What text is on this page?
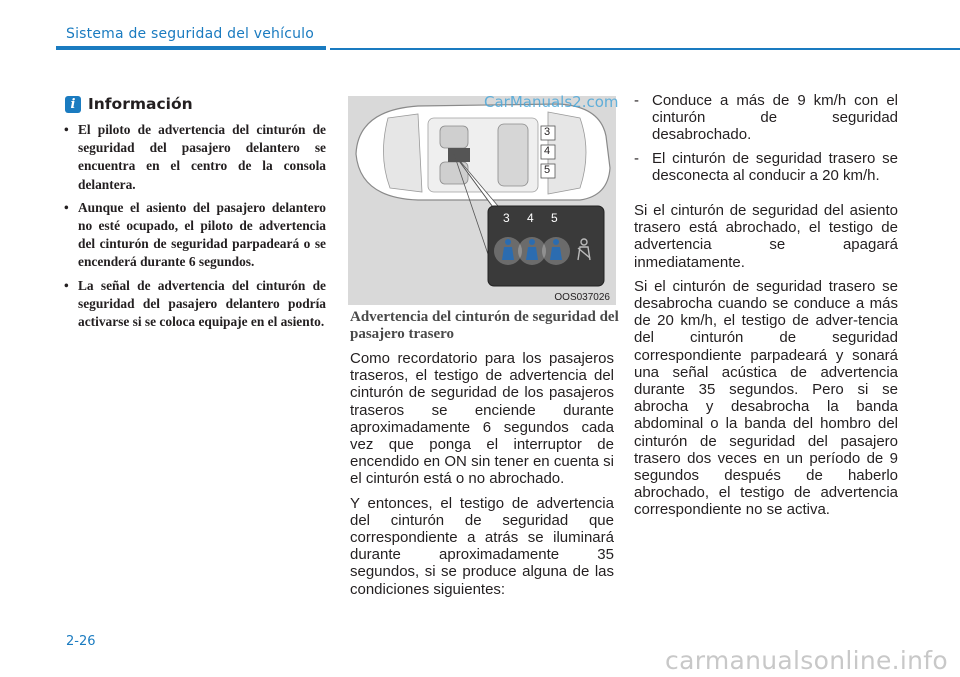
Sistema de seguridad del vehículo
i Información
• El piloto de advertencia del cinturón de seguridad del pasajero delantero se encuentra en el centro de la consola delantera.
• Aunque el asiento del pasajero delantero no esté ocupado, el piloto de advertencia del cinturón de seguridad parpadeará o se encenderá durante 6 segundos.
• La señal de advertencia del cinturón de seguridad del pasajero delantero podría activarse si se coloca equipaje en el asiento.
3
4
5
3 4 5
OOS037026
CarManuals2.com
Advertencia del cinturón de seguridad del pasajero trasero

Como recordatorio para los pasajeros traseros, el testigo de advertencia del cinturón de seguridad de los pasajeros traseros se enciende durante aproximadamente 6 segundos cada vez que ponga el interruptor de encendido en ON sin tener en cuenta si el cinturón está o no abrochado.

Y entonces, el testigo de advertencia del cinturón de seguridad que correspondiente a atrás se iluminará durante aproximadamente 35 segundos, si se produce alguna de las condiciones siguientes:

- Conduce a más de 9 km/h con el cinturón de seguridad desabrochado.
- El cinturón de seguridad trasero se desconecta al conducir a 20 km/h.

Si el cinturón de seguridad del asiento trasero está abrochado, el testigo de advertencia se apagará inmediatamente.

Si el cinturón de seguridad trasero se desabrocha cuando se conduce a más de 20 km/h, el testigo de adver-tencia del cinturón de seguridad correspondiente parpadeará y sonará una señal acústica de advertencia durante 35 segundos. Pero si se abrocha y desabrocha la banda abdominal o la banda del hombro del cinturón de seguridad del pasajero trasero dos veces en un período de 9 segundos después de haberlo abrochado, el testigo de advertencia correspondiente no se activa.

2-26
carmanualsonline.info
